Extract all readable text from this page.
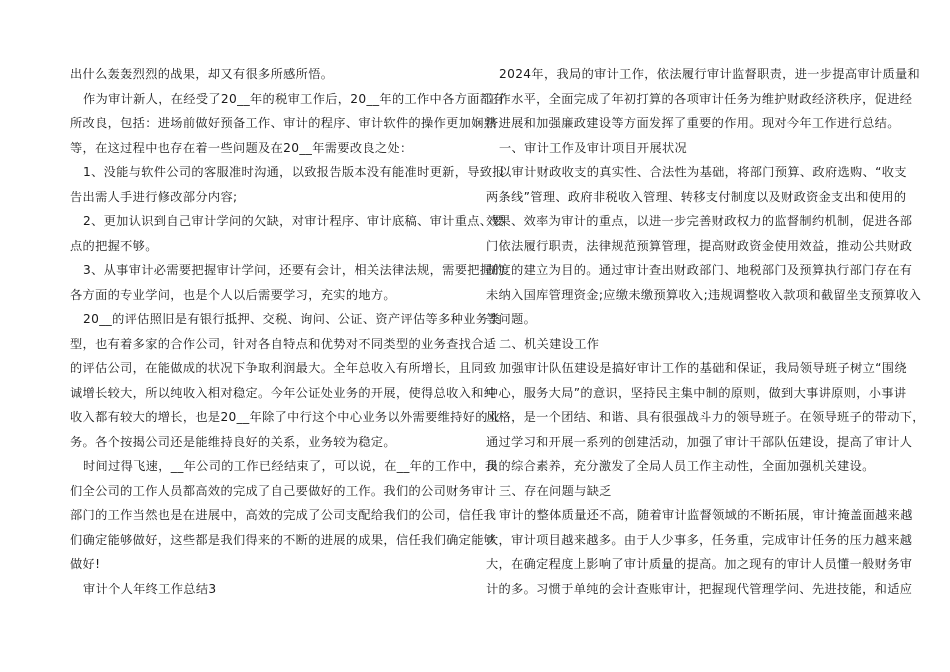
出什么轰轰烈烈的战果，却又有很多所感所悟。
作为审计新人，在经受了20__年的税审工作后，20__年的工作中各方面都有
所改良，包括：进场前做好预备工作、审计的程序、审计软件的操作更加娴熟
等，在这过程中也存在着一些问题及在20__年需要改良之处：
1、没能与软件公司的客服准时沟通，以致报告版本没有能准时更新，导致报
告出需人手进行修改部分内容;
2、更加认识到自己审计学问的欠缺，对审计程序、审计底稿、审计重点、要
点的把握不够。
3、从事审计必需要把握审计学问，还要有会计，相关法律法规，需要把握的
各方面的专业学问，也是个人以后需要学习，充实的地方。
20__的评估照旧是有银行抵押、交税、询问、公证、资产评估等多种业务类
型，也有着多家的合作公司，针对各自特点和优势对不同类型的业务查找合适
的评估公司，在能做成的状况下争取利润最大。全年总收入有所增长，且同致
诚增长较大，所以纯收入相对稳定。今年公证处业务的开展，使得总收入和纯
收入都有较大的增长，也是20__年除了中行这个中心业务以外需要维持好的业
务。各个按揭公司还是能维持良好的关系，业务较为稳定。
时间过得飞速，__年公司的工作已经结束了，可以说，在__年的工作中，我
们全公司的工作人员都高效的完成了自己要做好的工作。我们的公司财务审计
部门的工作当然也是在进展中，高效的完成了公司支配给我们的公司，信任我
们确定能够做好，这些都是我们得来的不断的进展的成果，信任我们确定能够
做好!
审计个人年终工作总结3
2024年，我局的审计工作，依法履行审计监督职责，进一步提高审计质量和
工作水平，全面完成了年初打算的各项审计任务为维护财政经济秩序，促进经
济进展和加强廉政建设等方面发挥了重要的作用。现对今年工作进行总结。
一、审计工作及审计项目开展状况
以审计财政收支的真实性、合法性为基础，将部门预算、政府选购、“收支
两条线”管理、政府非税收入管理、转移支付制度以及财政资金支出和使用的
效果、效率为审计的重点，以进一步完善财政权力的监督制约机制，促进各部
门依法履行职责，法律规范预算管理，提高财政资金使用效益，推动公共财政
制度的建立为目的。通过审计查出财政部门、地税部门及预算执行部门存在有
未纳入国库管理资金;应缴未缴预算收入;违规调整收入款项和截留坐支预算收入
等问题。
二、机关建设工作
加强审计队伍建设是搞好审计工作的基础和保证，我局领导班子树立“围绕
中心，服务大局”的意识，坚持民主集中制的原则，做到大事讲原则，小事讲
风格，是一个团结、和谐、具有很强战斗力的领导班子。在领导班子的带动下，
通过学习和开展一系列的创建活动，加强了审计干部队伍建设，提高了审计人
员的综合素养，充分激发了全局人员工作主动性，全面加强机关建设。
三、存在问题与缺乏
审计的整体质量还不高，随着审计监督领域的不断拓展，审计掩盖面越来越
大，审计项目越来越多。由于人少事多，任务重，完成审计任务的压力越来越
大，在确定程度上影响了审计质量的提高。加之现有的审计人员懂一般财务审
计的多。习惯于单纯的会计查账审计，把握现代管理学问、先进技能，和适应
